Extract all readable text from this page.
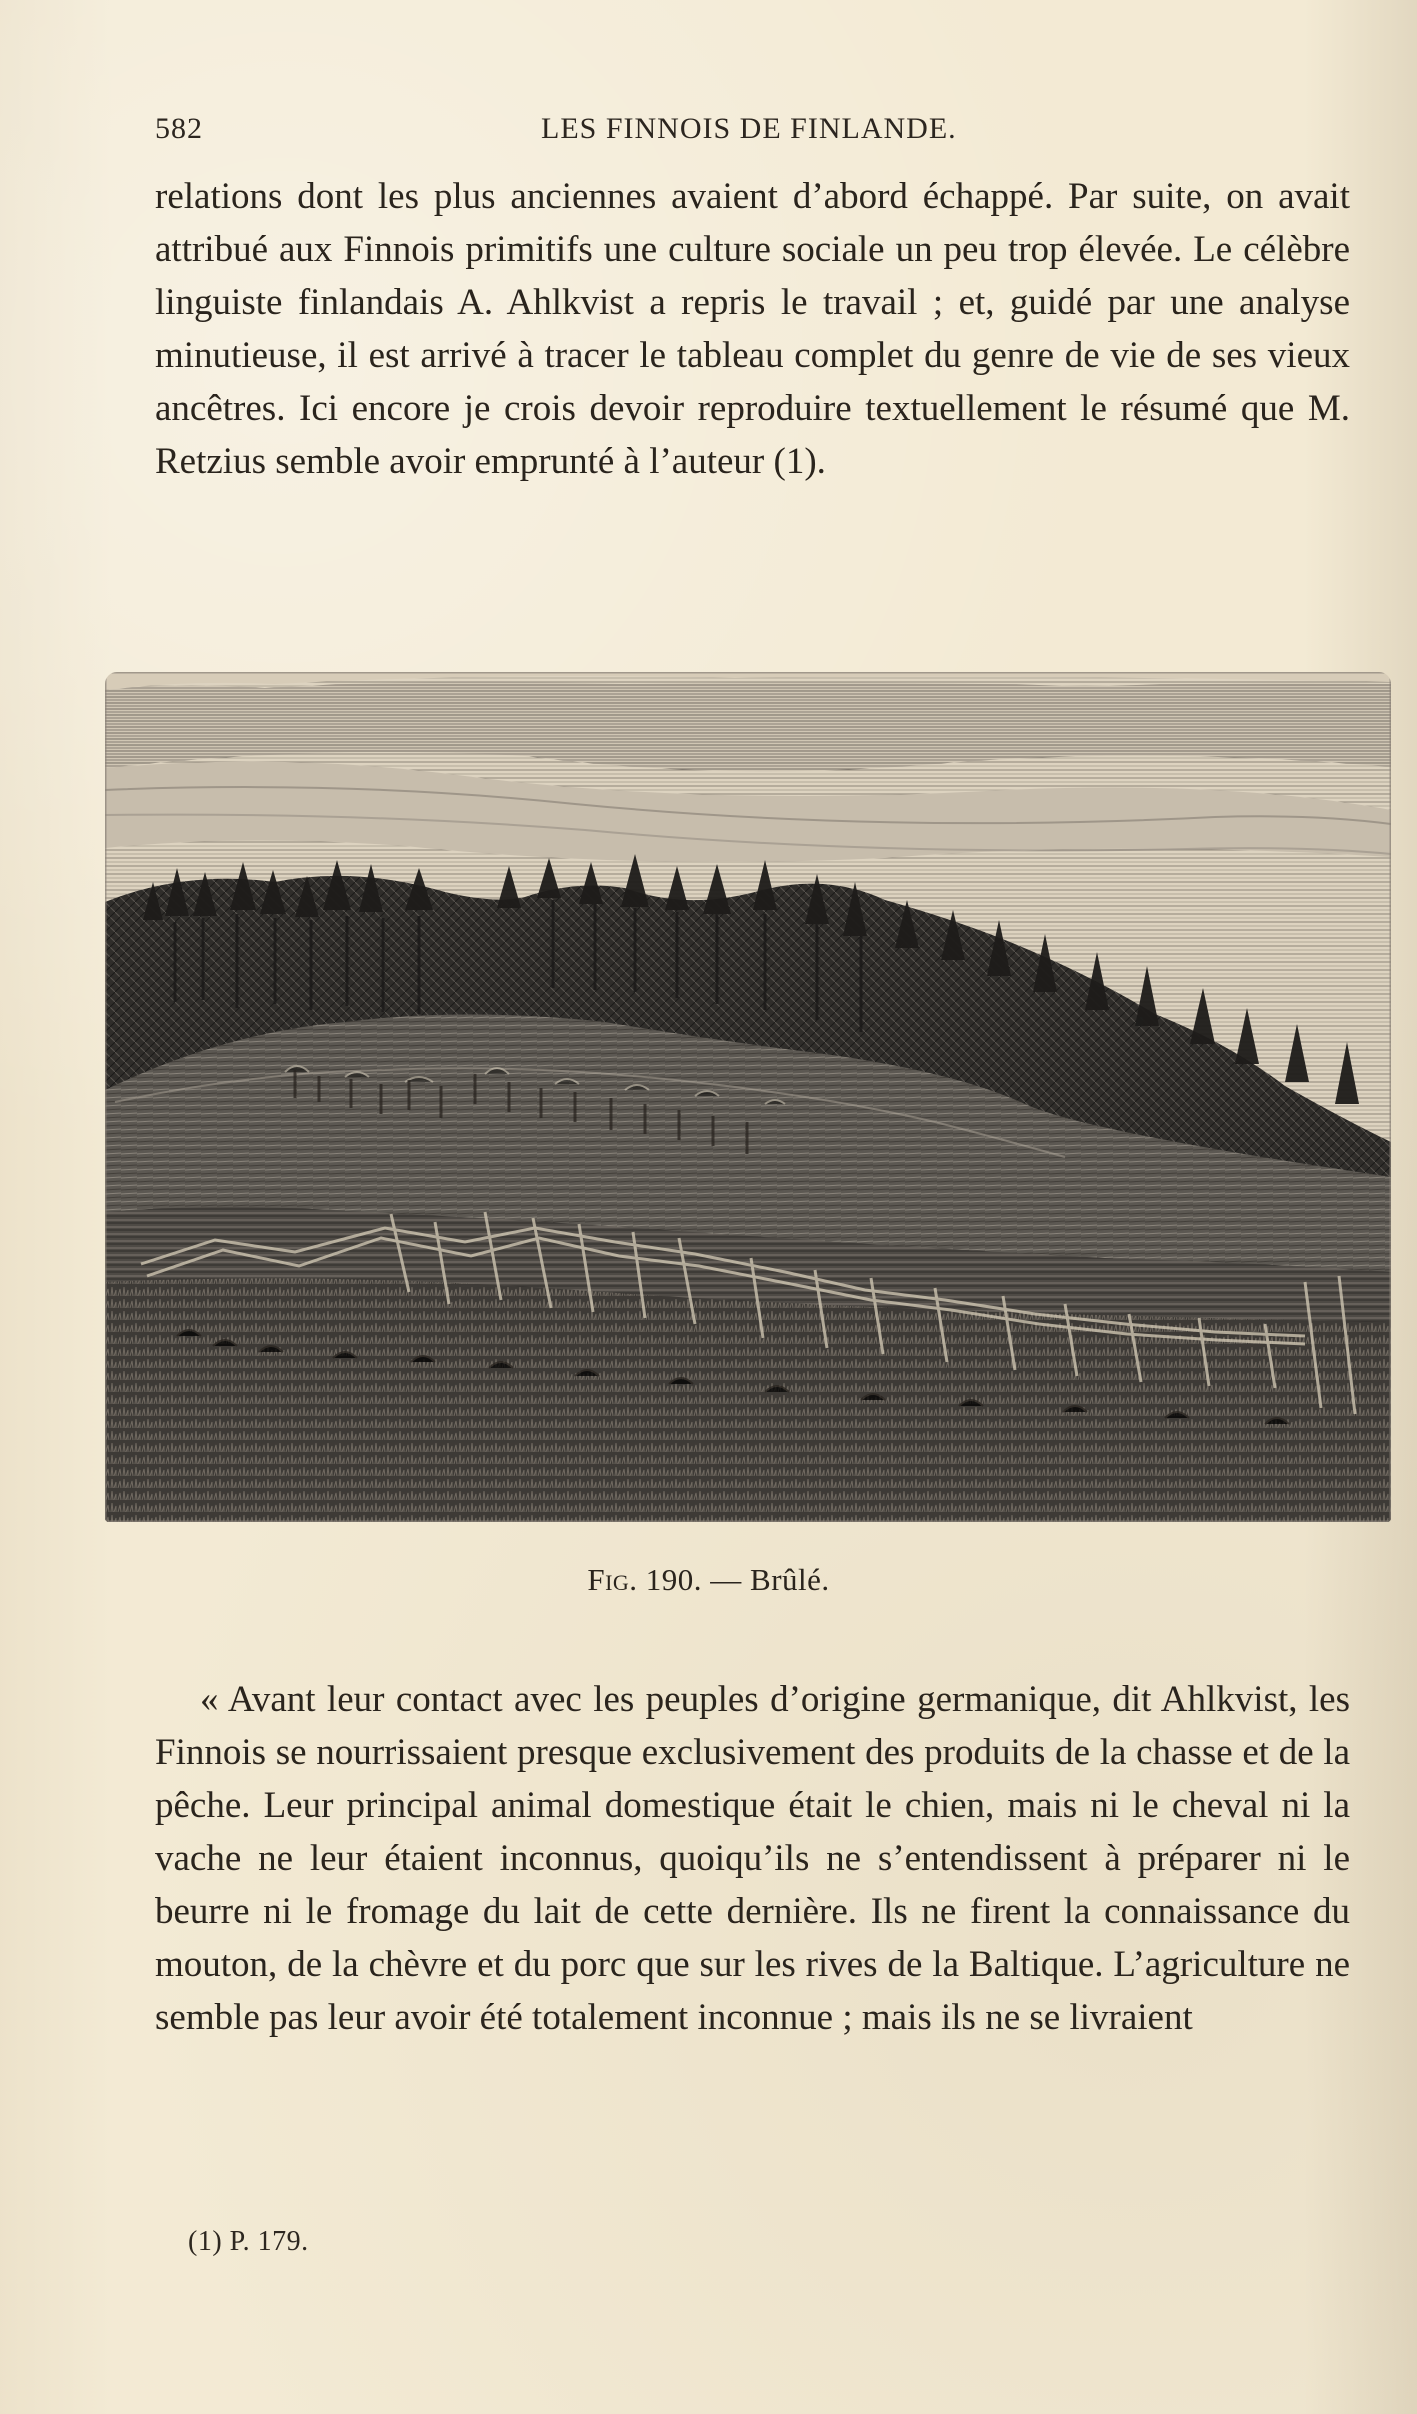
582	LES FINNOIS DE FINLANDE.

relations dont les plus anciennes avaient d’abord échappé. Par suite, on avait attribué aux Finnois primitifs une culture sociale un peu trop élevée. Le célèbre linguiste finlandais A. Ahlkvist a repris le travail ; et, guidé par une analyse minutieuse, il est arrivé à tracer le tableau complet du genre de vie de ses vieux ancêtres. Ici encore je crois devoir reproduire textuellement le résumé que M. Retzius semble avoir emprunté à l’auteur (1).

Fig. 190. — Brûlé.

« Avant leur contact avec les peuples d’origine germanique, dit Ahlkvist, les Finnois se nourrissaient presque exclusivement des produits de la chasse et de la pêche. Leur principal animal domestique était le chien, mais ni le cheval ni la vache ne leur étaient inconnus, quoiqu’ils ne s’entendissent à préparer ni le beurre ni le fromage du lait de cette dernière. Ils ne firent la connaissance du mouton, de la chèvre et du porc que sur les rives de la Baltique. L’agriculture ne semble pas leur avoir été totalement inconnue ; mais ils ne se livraient

(1) P. 179.
